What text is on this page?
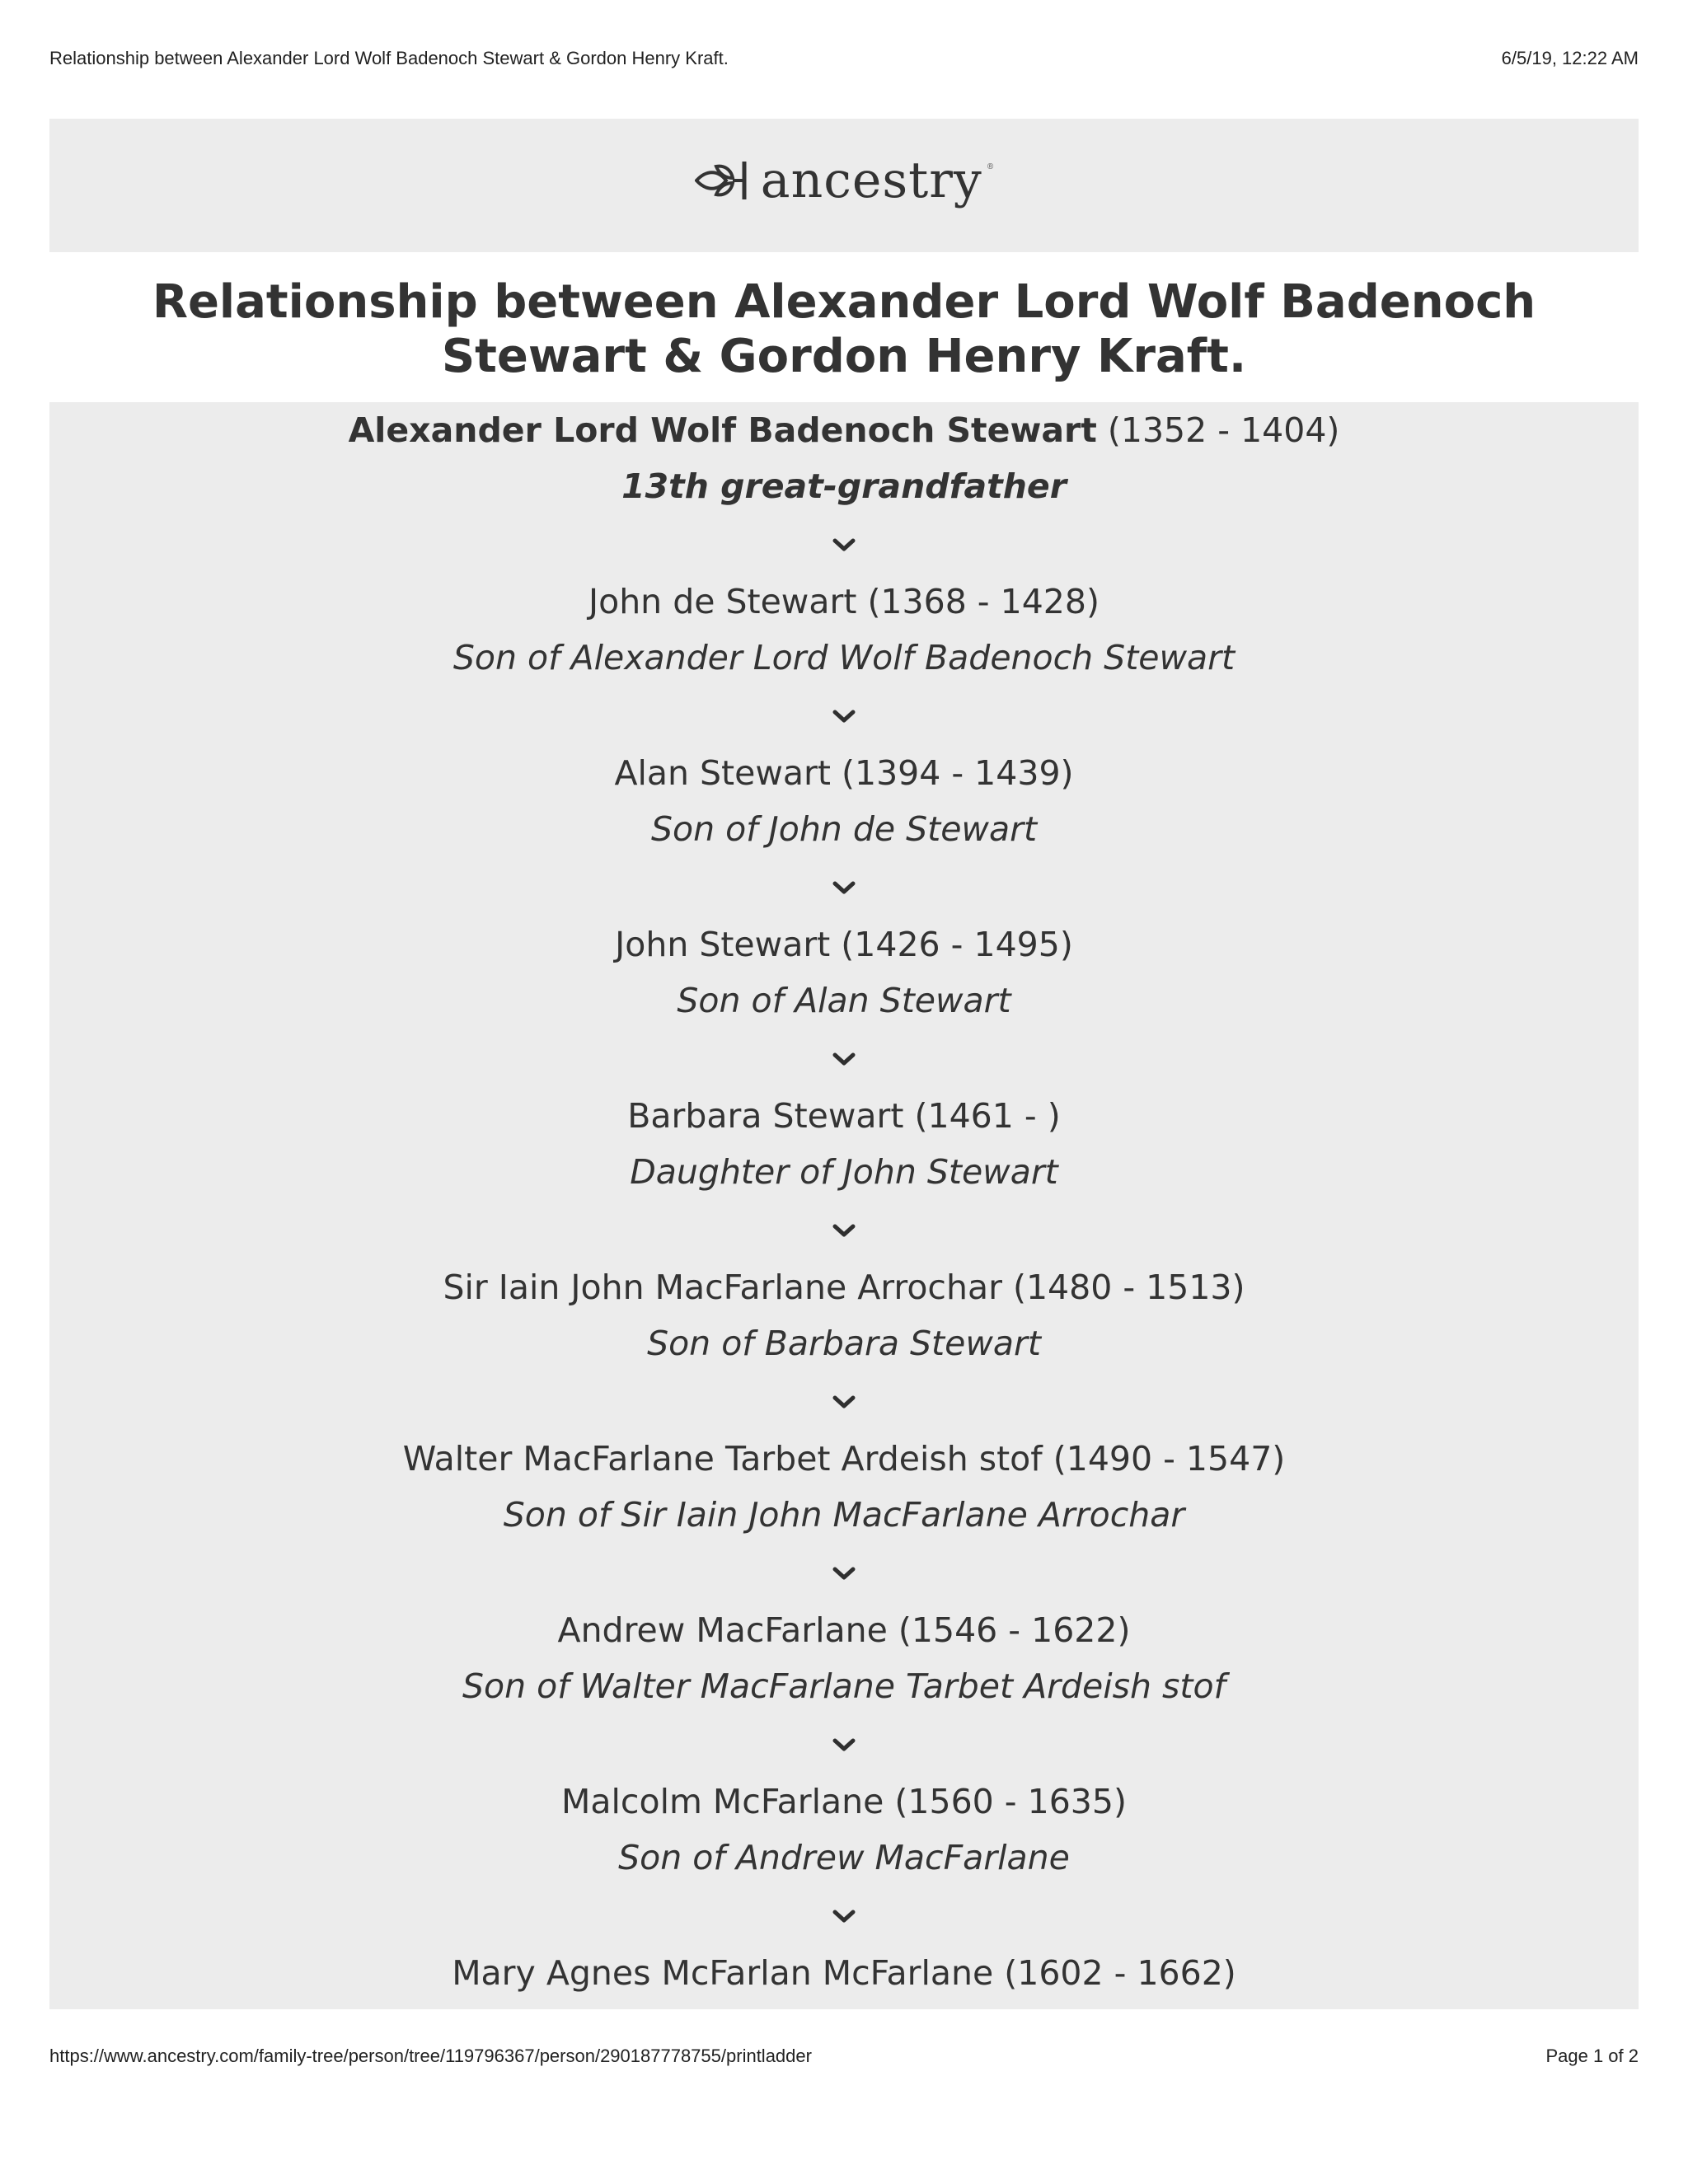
Relationship between Alexander Lord Wolf Badenoch Stewart & Gordon Henry Kraft.	6/5/19, 12:22 AM
ancestry ®
Relationship between Alexander Lord Wolf Badenoch Stewart & Gordon Henry Kraft.
Alexander Lord Wolf Badenoch Stewart (1352 - 1404)
13th great-grandfather
John de Stewart (1368 - 1428)
Son of Alexander Lord Wolf Badenoch Stewart
Alan Stewart (1394 - 1439)
Son of John de Stewart
John Stewart (1426 - 1495)
Son of Alan Stewart
Barbara Stewart (1461 - )
Daughter of John Stewart
Sir Iain John MacFarlane Arrochar (1480 - 1513)
Son of Barbara Stewart
Walter MacFarlane Tarbet Ardeish stof (1490 - 1547)
Son of Sir Iain John MacFarlane Arrochar
Andrew MacFarlane (1546 - 1622)
Son of Walter MacFarlane Tarbet Ardeish stof
Malcolm McFarlane (1560 - 1635)
Son of Andrew MacFarlane
Mary Agnes McFarlan McFarlane (1602 - 1662)
https://www.ancestry.com/family-tree/person/tree/119796367/person/290187778755/printladder	Page 1 of 2
